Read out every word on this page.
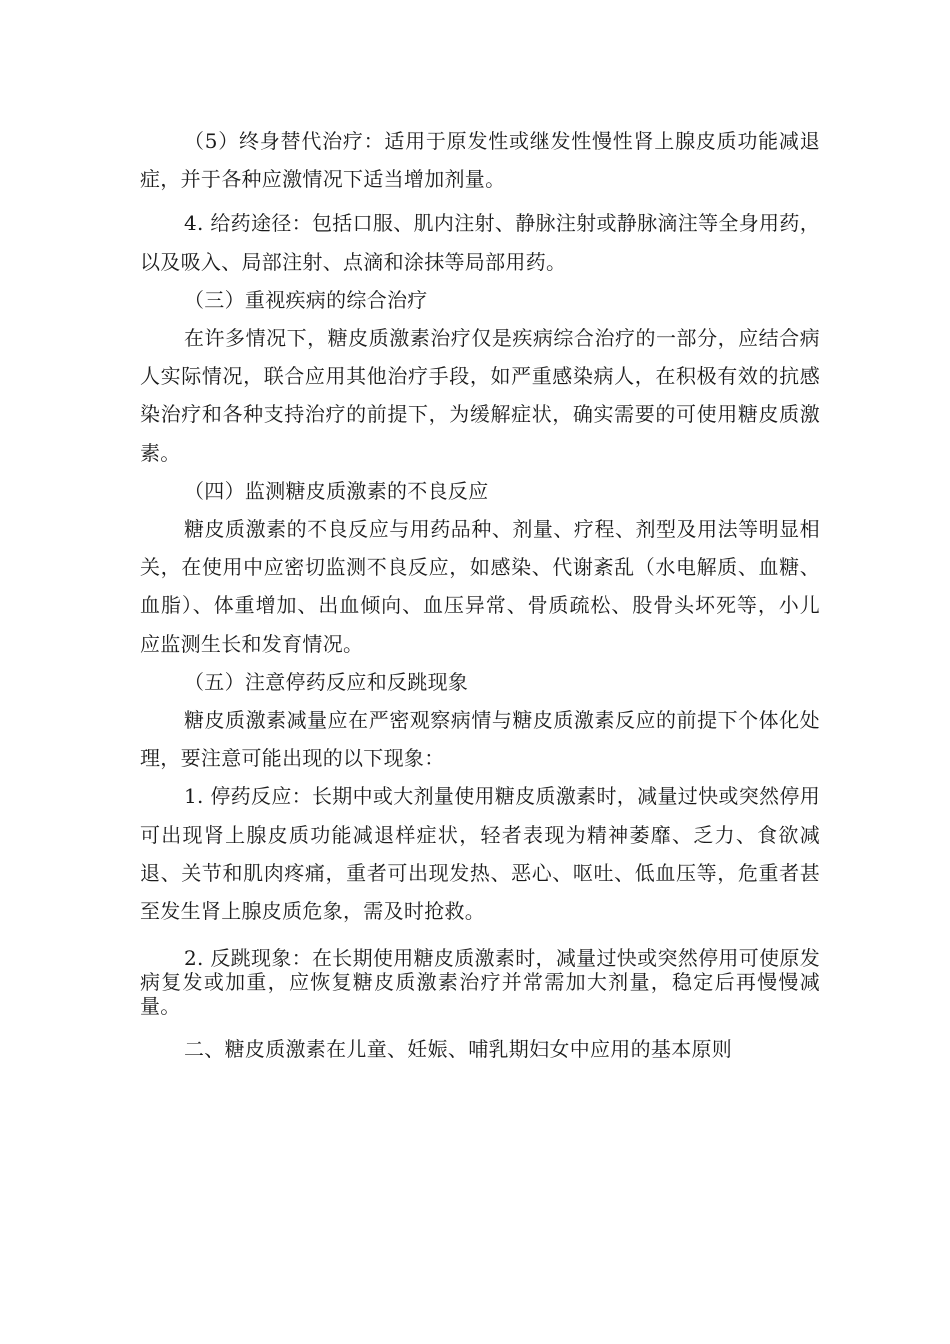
（5）终身替代治疗：适用于原发性或继发性慢性肾上腺皮质功能减退症，并于各种应激情况下适当增加剂量。

4. 给药途径：包括口服、肌内注射、静脉注射或静脉滴注等全身用药，以及吸入、局部注射、点滴和涂抹等局部用药。

（三）重视疾病的综合治疗

在许多情况下，糖皮质激素治疗仅是疾病综合治疗的一部分，应结合病人实际情况，联合应用其他治疗手段，如严重感染病人，在积极有效的抗感染治疗和各种支持治疗的前提下，为缓解症状，确实需要的可使用糖皮质激素。

（四）监测糖皮质激素的不良反应

糖皮质激素的不良反应与用药品种、剂量、疗程、剂型及用法等明显相关，在使用中应密切监测不良反应，如感染、代谢紊乱（水电解质、血糖、血脂）、体重增加、出血倾向、血压异常、骨质疏松、股骨头坏死等，小儿应监测生长和发育情况。

（五）注意停药反应和反跳现象

糖皮质激素减量应在严密观察病情与糖皮质激素反应的前提下个体化处理，要注意可能出现的以下现象：

1. 停药反应：长期中或大剂量使用糖皮质激素时，减量过快或突然停用可出现肾上腺皮质功能减退样症状，轻者表现为精神萎靡、乏力、食欲减退、关节和肌肉疼痛，重者可出现发热、恶心、呕吐、低血压等，危重者甚至发生肾上腺皮质危象，需及时抢救。

2. 反跳现象：在长期使用糖皮质激素时，减量过快或突然停用可使原发病复发或加重，应恢复糖皮质激素治疗并常需加大剂量，稳定后再慢慢减量。

二、糖皮质激素在儿童、妊娠、哺乳期妇女中应用的基本原则
